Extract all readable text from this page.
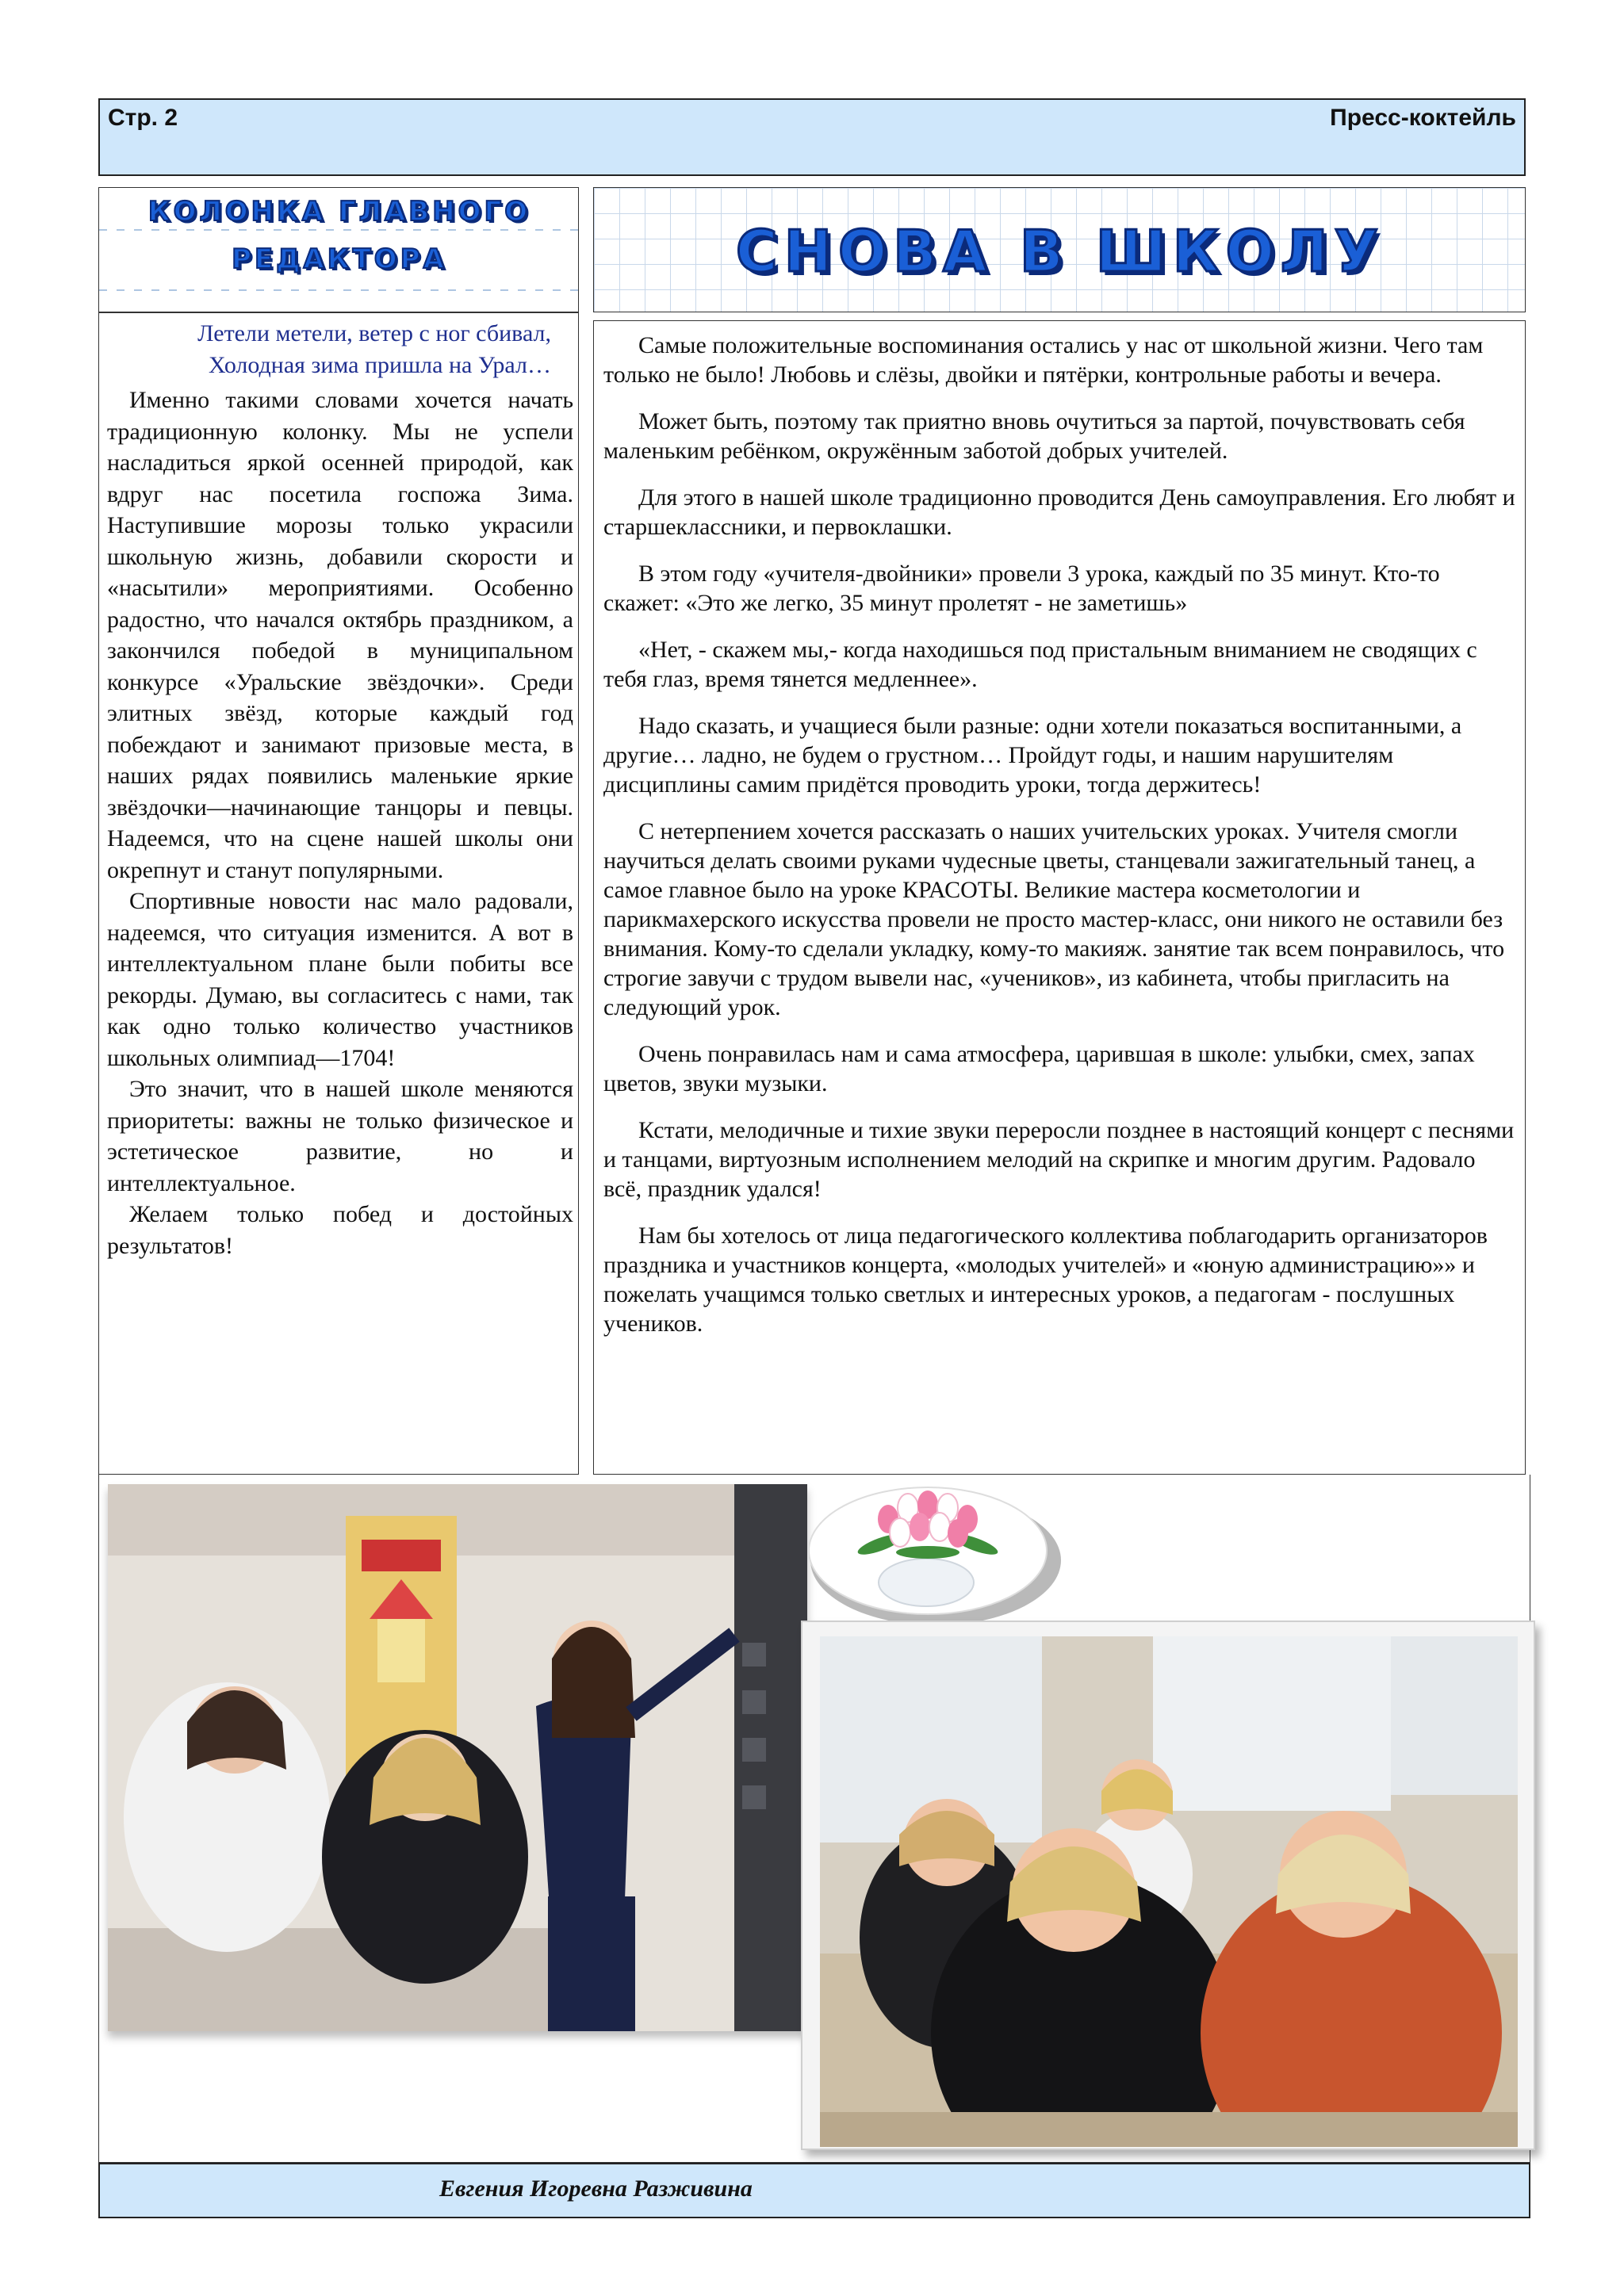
Стр. 2	Пресс-коктейль
КОЛОНКА ГЛАВНОГО
РЕДАКТОРА
Летели метели, ветер с ног сбивал,
Холодная зима пришла на Урал…

Именно такими словами хочется начать традиционную колонку. Мы не успели насладиться яркой осенней природой, как вдруг нас посетила госпожа Зима. Наступившие морозы только украсили школьную жизнь, добавили скорости и «насытили» мероприятиями. Особенно радостно, что начался октябрь праздником, а закончился победой в муниципальном конкурсе «Уральские звёздочки». Среди элитных звёзд, которые каждый год побеждают и занимают призовые места, в наших рядах появились маленькие яркие звёздочки—начинающие танцоры и певцы. Надеемся, что на сцене нашей школы они окрепнут и станут популярными.

Спортивные новости нас мало радовали, надеемся, что ситуация изменится. А вот в интеллектуальном плане были побиты все рекорды. Думаю, вы согласитесь с нами, так как одно только количество участников школьных олимпиад—1704!

Это значит, что в нашей школе меняются приоритеты: важны не только физическое и эстетическое развитие, но и интеллектуальное.

Желаем только побед и достойных результатов!

СНОВА В ШКОЛУ

Самые положительные воспоминания остались у нас от школьной жизни. Чего там только не было! Любовь и слёзы, двойки и пятёрки, контрольные работы и вечера.

Может быть, поэтому так приятно вновь очутиться за партой, почувствовать себя маленьким ребёнком, окружённым заботой добрых учителей.

Для этого в нашей школе традиционно проводится День самоуправления. Его любят и старшеклассники, и первоклашки.

В этом году «учителя-двойники» провели 3 урока, каждый по 35 минут. Кто-то скажет: «Это же легко, 35 минут пролетят - не заметишь»

«Нет, - скажем мы,- когда находишься под пристальным вниманием не сводящих с тебя глаз, время тянется медленнее».

Надо сказать, и учащиеся были разные: одни хотели показаться воспитанными, а другие… ладно, не будем о грустном… Пройдут годы, и нашим нарушителям дисциплины самим придётся проводить уроки, тогда держитесь!

С нетерпением хочется рассказать о наших учительских уроках. Учителя смогли научиться делать своими руками чудесные цветы, станцевали зажигательный танец, а самое главное было на уроке КРАСОТЫ. Великие мастера косметологии и парикмахерского искусства провели не просто мастер-класс, они никого не оставили без внимания. Кому-то сделали укладку, кому-то макияж. занятие так всем понравилось, что строгие завучи с трудом вывели нас, «учеников», из кабинета, чтобы пригласить на следующий урок.

Очень понравилась нам и сама атмосфера, царившая в школе: улыбки, смех, запах цветов, звуки музыки.

Кстати, мелодичные и тихие звуки переросли позднее в настоящий концерт с песнями и танцами, виртуозным исполнением мелодий на скрипке и многим другим. Радовало всё, праздник удался!

Нам бы хотелось от лица педагогического коллектива поблагодарить организаторов праздника и участников концерта, «молодых учителей» и «юную администрацию»» и пожелать учащимся только светлых и интересных уроков, а педагогам - послушных учеников.

Евгения Игоревна Разживина
